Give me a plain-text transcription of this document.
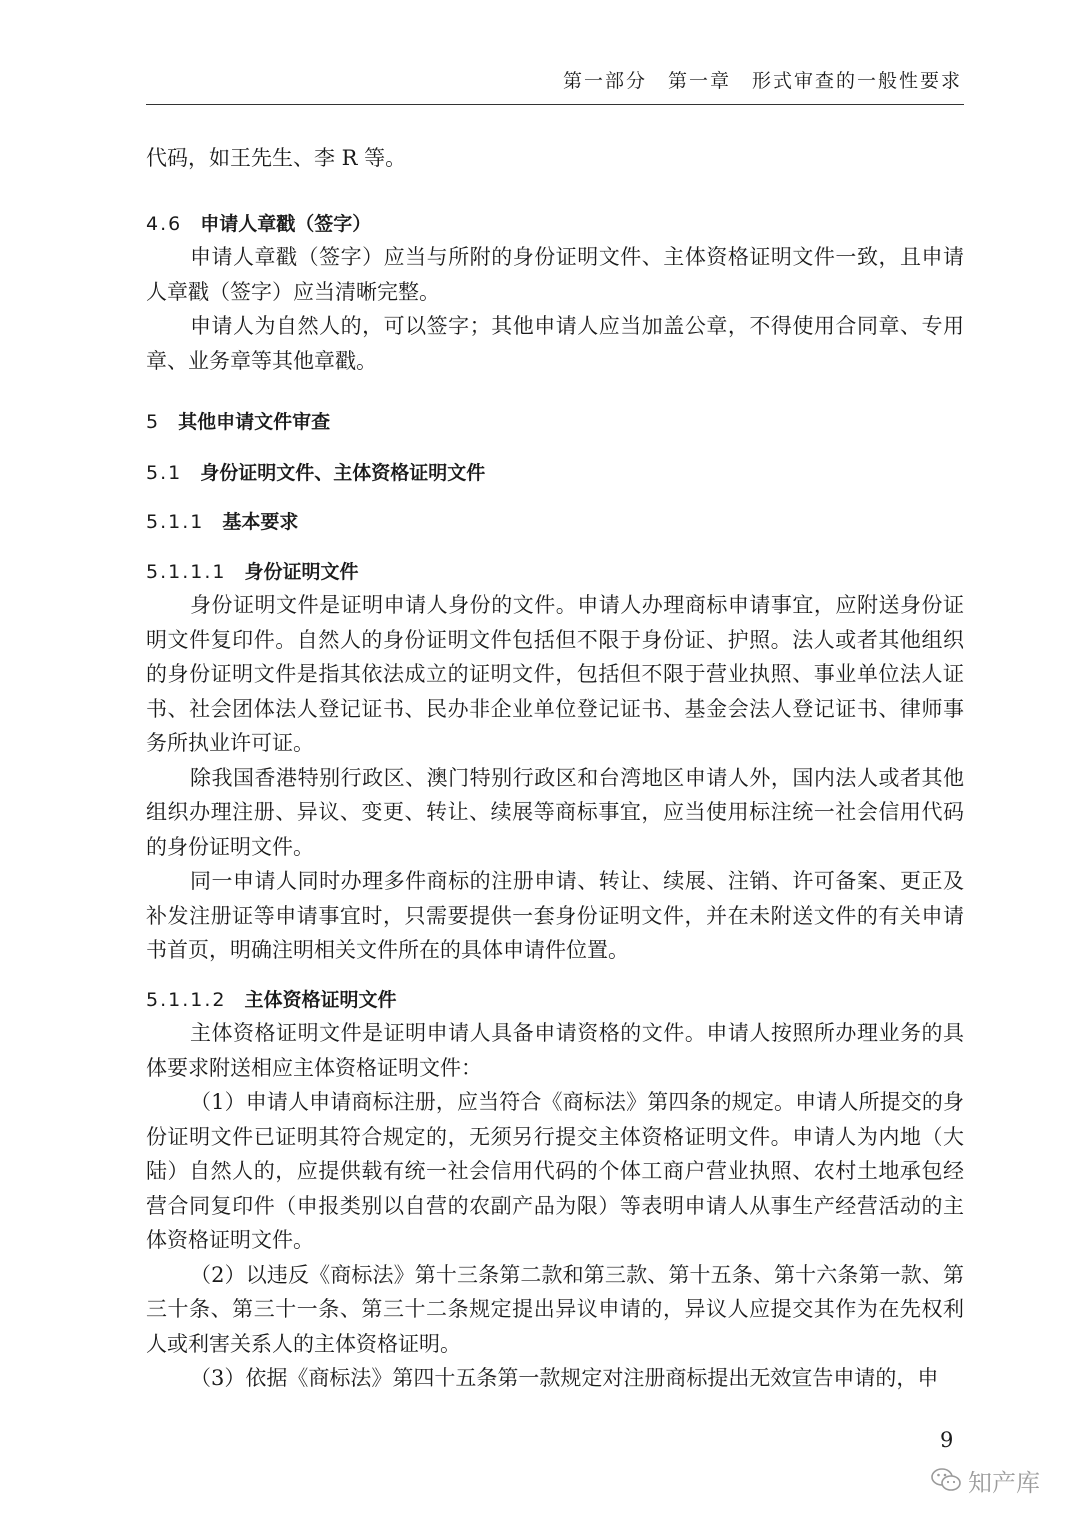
第一部分　第一章　形式审查的一般性要求

代码，如王先生、李 R 等。

4.6 申请人章戳（签字）

申请人章戳（签字）应当与所附的身份证明文件、主体资格证明文件一致，且申请人章戳（签字）应当清晰完整。

申请人为自然人的，可以签字；其他申请人应当加盖公章，不得使用合同章、专用章、业务章等其他章戳。

5 其他申请文件审查
5.1 身份证明文件、主体资格证明文件
5.1.1 基本要求
5.1.1.1 身份证明文件

身份证明文件是证明申请人身份的文件。申请人办理商标申请事宜，应附送身份证明文件复印件。自然人的身份证明文件包括但不限于身份证、护照。法人或者其他组织的身份证明文件是指其依法成立的证明文件，包括但不限于营业执照、事业单位法人证书、社会团体法人登记证书、民办非企业单位登记证书、基金会法人登记证书、律师事务所执业许可证。

除我国香港特别行政区、澳门特别行政区和台湾地区申请人外，国内法人或者其他组织办理注册、异议、变更、转让、续展等商标事宜，应当使用标注统一社会信用代码的身份证明文件。

同一申请人同时办理多件商标的注册申请、转让、续展、注销、许可备案、更正及补发注册证等申请事宜时，只需要提供一套身份证明文件，并在未附送文件的有关申请书首页，明确注明相关文件所在的具体申请件位置。

5.1.1.2 主体资格证明文件

主体资格证明文件是证明申请人具备申请资格的文件。申请人按照所办理业务的具体要求附送相应主体资格证明文件：

（1）申请人申请商标注册，应当符合《商标法》第四条的规定。申请人所提交的身份证明文件已证明其符合规定的，无须另行提交主体资格证明文件。申请人为内地（大陆）自然人的，应提供载有统一社会信用代码的个体工商户营业执照、农村土地承包经营合同复印件（申报类别以自营的农副产品为限）等表明申请人从事生产经营活动的主体资格证明文件。

（2）以违反《商标法》第十三条第二款和第三款、第十五条、第十六条第一款、第三十条、第三十一条、第三十二条规定提出异议申请的，异议人应提交其作为在先权利人或利害关系人的主体资格证明。

（3）依据《商标法》第四十五条第一款规定对注册商标提出无效宣告申请的，申

9
知产库
